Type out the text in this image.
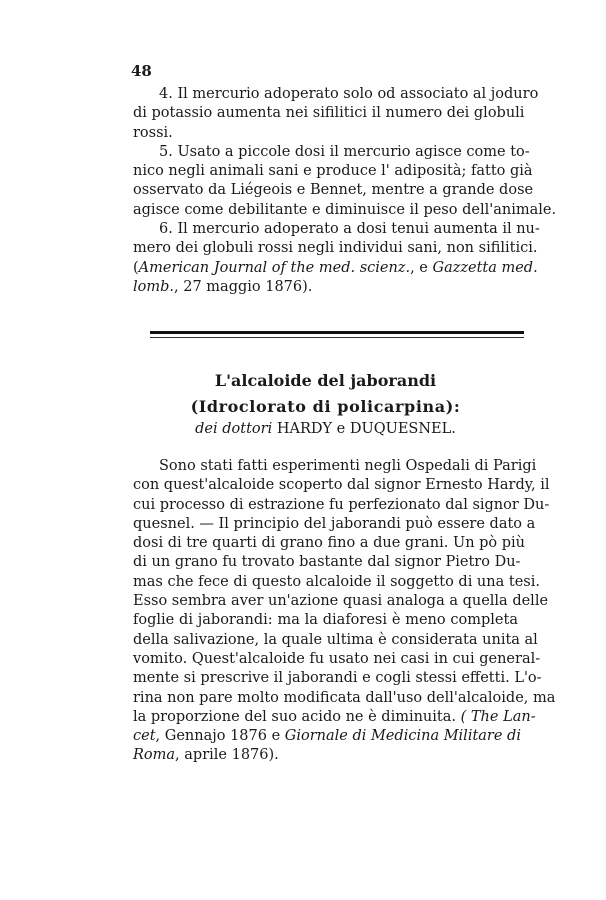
48
4. Il mercurio adoperato solo od associato al joduro
di potassio aumenta nei sifilitici il numero dei globuli
rossi.
5. Usato a piccole dosi il mercurio agisce come to-
nico negli animali sani e produce l' adiposità; fatto già
osservato da Liégeois e Bennet, mentre a grande dose
agisce come debilitante e diminuisce il peso dell'animale.
6. Il mercurio adoperato a dosi tenui aumenta il nu-
mero dei globuli rossi negli individui sani, non sifilitici.
(American Journal of the med. scienz., e Gazzetta med.
lomb., 27 maggio 1876).
L'alcaloide del jaborandi
(Idroclorato di policarpina):
dei dottori HARDY e DUQUESNEL.
Sono stati fatti esperimenti negli Ospedali di Parigi
con quest'alcaloide scoperto dal signor Ernesto Hardy, il
cui processo di estrazione fu perfezionato dal signor Du-
quesnel. — Il principio del jaborandi può essere dato a
dosi di tre quarti di grano fino a due grani. Un pò più
di un grano fu trovato bastante dal signor Pietro Du-
mas che fece di questo alcaloide il soggetto di una tesi.
Esso sembra aver un'azione quasi analoga a quella delle
foglie di jaborandi: ma la diaforesi è meno completa
della salivazione, la quale ultima è considerata unita al
vomito. Quest'alcaloide fu usato nei casi in cui general-
mente si prescrive il jaborandi e cogli stessi effetti. L'o-
rina non pare molto modificata dall'uso dell'alcaloide, ma
la proporzione del suo acido ne è diminuita. ( The Lan-
cet, Gennajo 1876 e Giornale di Medicina Militare di
Roma, aprile 1876).
